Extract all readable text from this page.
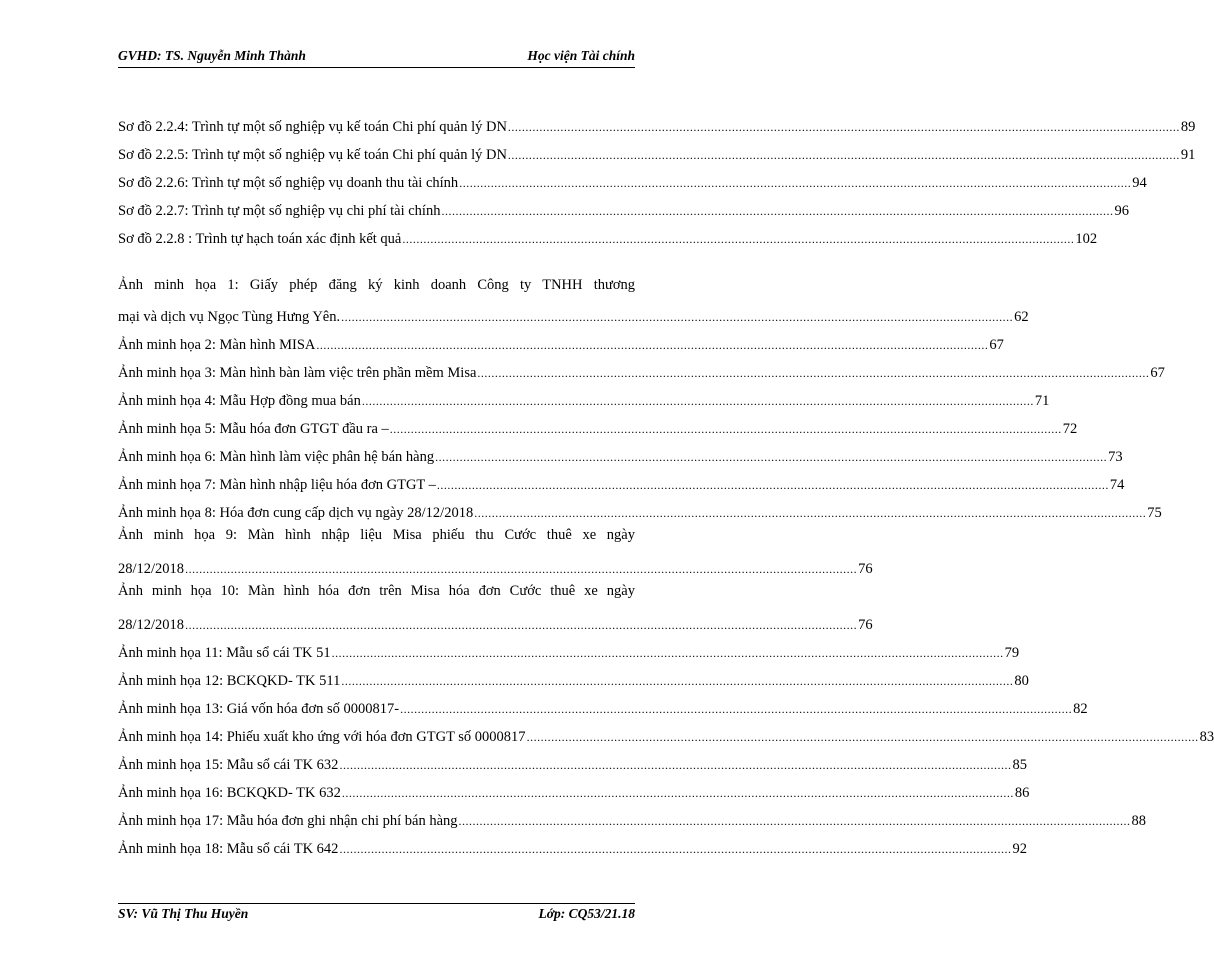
GVHD: TS. Nguyễn Minh Thành	Học viện Tài chính
Sơ đồ 2.2.4: Trình tự một số nghiệp vụ kế toán Chi phí quản lý DN ................................................................................................................................................................................................ 89
Sơ đồ 2.2.5: Trình tự một số nghiệp vụ kế toán Chi phí quản lý DN ................................................................................................................................................................................................ 91
Sơ đồ 2.2.6: Trình tự một số nghiệp vụ doanh thu tài chính ................................................................................................................................................................................................ 94
Sơ đồ 2.2.7: Trình tự một số nghiệp vụ chi phí tài chính ................................................................................................................................................................................................ 96
Sơ đồ 2.2.8 : Trình tự hạch toán xác định kết quả ................................................................................................................................................................................................ 102
Ảnh minh họa 1: Giấy phép đăng ký kinh doanh Công ty TNHH thương
mại và dịch vụ Ngọc Tùng Hưng Yên. ................................................................................................................................................................................................ 62
Ảnh minh họa 2: Màn hình MISA ................................................................................................................................................................................................ 67
Ảnh minh họa 3: Màn hình bàn làm việc trên phần mềm Misa ................................................................................................................................................................................................ 67
Ảnh minh họa 4: Mẫu Hợp đồng mua bán ................................................................................................................................................................................................ 71
Ảnh minh họa 5: Mẫu hóa đơn GTGT đầu ra – ................................................................................................................................................................................................ 72
Ảnh minh họa 6: Màn hình làm việc phân hệ bán hàng ................................................................................................................................................................................................ 73
Ảnh minh họa 7: Màn hình nhập liệu hóa đơn GTGT – ................................................................................................................................................................................................ 74
Ảnh minh họa 8: Hóa đơn cung cấp dịch vụ ngày 28/12/2018 ................................................................................................................................................................................................ 75
Ảnh minh họa 9: Màn hình nhập liệu Misa phiếu thu Cước thuê xe ngày
28/12/2018 ................................................................................................................................................................................................ 76
Ảnh minh họa 10: Màn hình hóa đơn trên Misa hóa đơn Cước thuê xe ngày
28/12/2018 ................................................................................................................................................................................................ 76
Ảnh minh họa 11: Mẫu sổ cái TK 51 ................................................................................................................................................................................................ 79
Ảnh minh họa 12: BCKQKD- TK 511 ................................................................................................................................................................................................ 80
Ảnh minh họa 13: Giá vốn hóa đơn số 0000817- ................................................................................................................................................................................................ 82
Ảnh minh họa 14: Phiếu xuất kho ứng với hóa đơn GTGT số 0000817 ................................................................................................................................................................................................ 83
Ảnh minh họa 15: Mẫu sổ cái TK 632 ................................................................................................................................................................................................ 85
Ảnh minh họa 16: BCKQKD- TK 632 ................................................................................................................................................................................................ 86
Ảnh minh họa 17: Mẫu hóa đơn ghi nhận chi phí bán hàng ................................................................................................................................................................................................ 88
Ảnh minh họa 18: Mẫu sổ cái TK 642 ................................................................................................................................................................................................ 92
SV: Vũ Thị Thu Huyền	Lớp: CQ53/21.18
